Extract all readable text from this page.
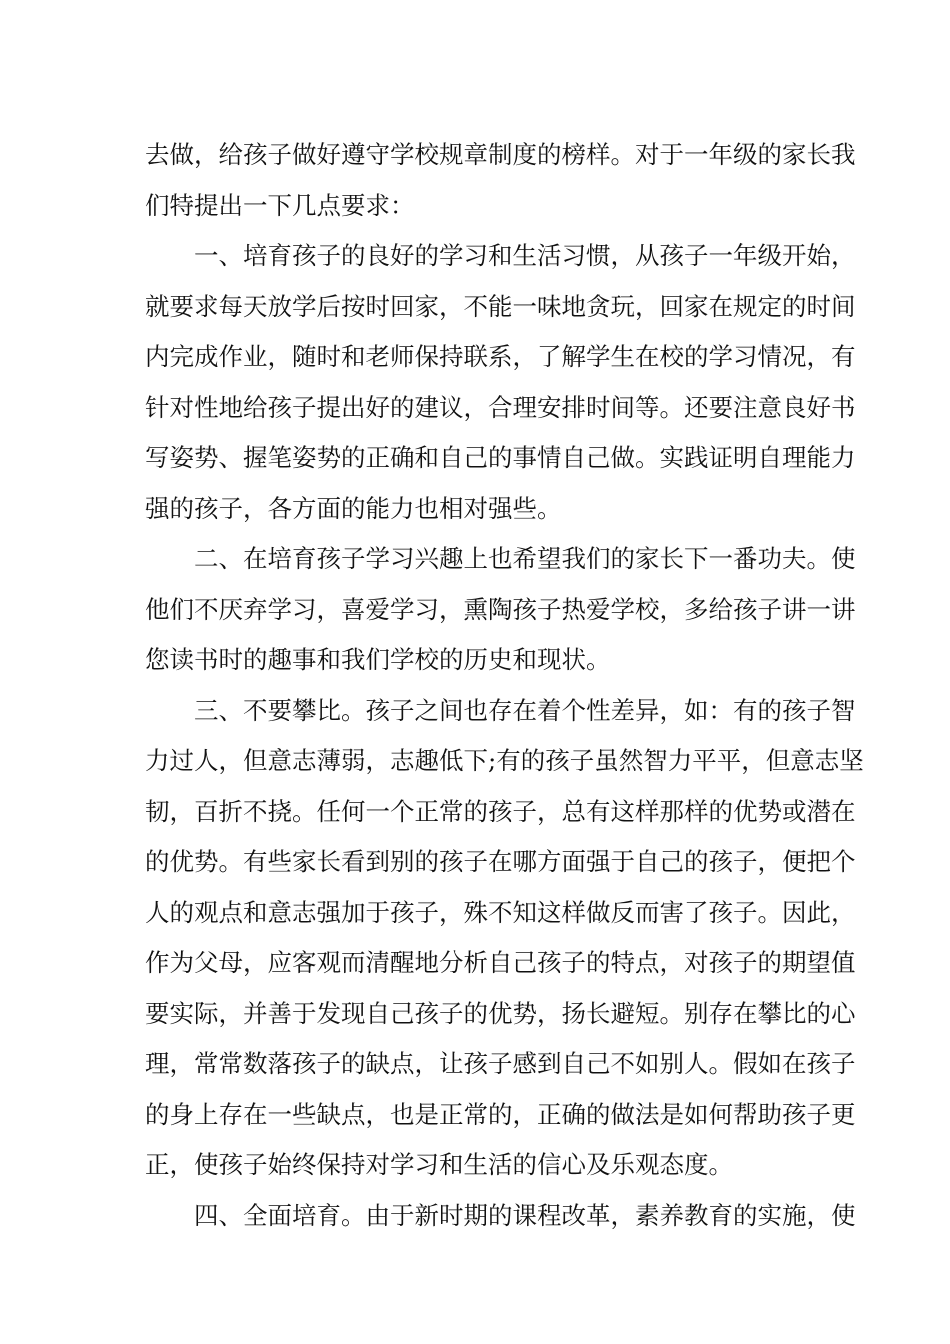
去做，给孩子做好遵守学校规章制度的榜样。对于一年级的家长我
们特提出一下几点要求：
　　一、培育孩子的良好的学习和生活习惯，从孩子一年级开始，
就要求每天放学后按时回家，不能一味地贪玩，回家在规定的时间
内完成作业，随时和老师保持联系，了解学生在校的学习情况，有
针对性地给孩子提出好的建议，合理安排时间等。还要注意良好书
写姿势、握笔姿势的正确和自己的事情自己做。实践证明自理能力
强的孩子，各方面的能力也相对强些。
　　二、在培育孩子学习兴趣上也希望我们的家长下一番功夫。使
他们不厌弃学习，喜爱学习，熏陶孩子热爱学校，多给孩子讲一讲
您读书时的趣事和我们学校的历史和现状。
　　三、不要攀比。孩子之间也存在着个性差异，如：有的孩子智
力过人，但意志薄弱，志趣低下;有的孩子虽然智力平平，但意志坚
韧，百折不挠。任何一个正常的孩子，总有这样那样的优势或潜在
的优势。有些家长看到别的孩子在哪方面强于自己的孩子，便把个
人的观点和意志强加于孩子，殊不知这样做反而害了孩子。因此，
作为父母，应客观而清醒地分析自己孩子的特点，对孩子的期望值
要实际，并善于发现自己孩子的优势，扬长避短。别存在攀比的心
理，常常数落孩子的缺点，让孩子感到自己不如别人。假如在孩子
的身上存在一些缺点，也是正常的，正确的做法是如何帮助孩子更
正，使孩子始终保持对学习和生活的信心及乐观态度。
　　四、全面培育。由于新时期的课程改革，素养教育的实施，使
